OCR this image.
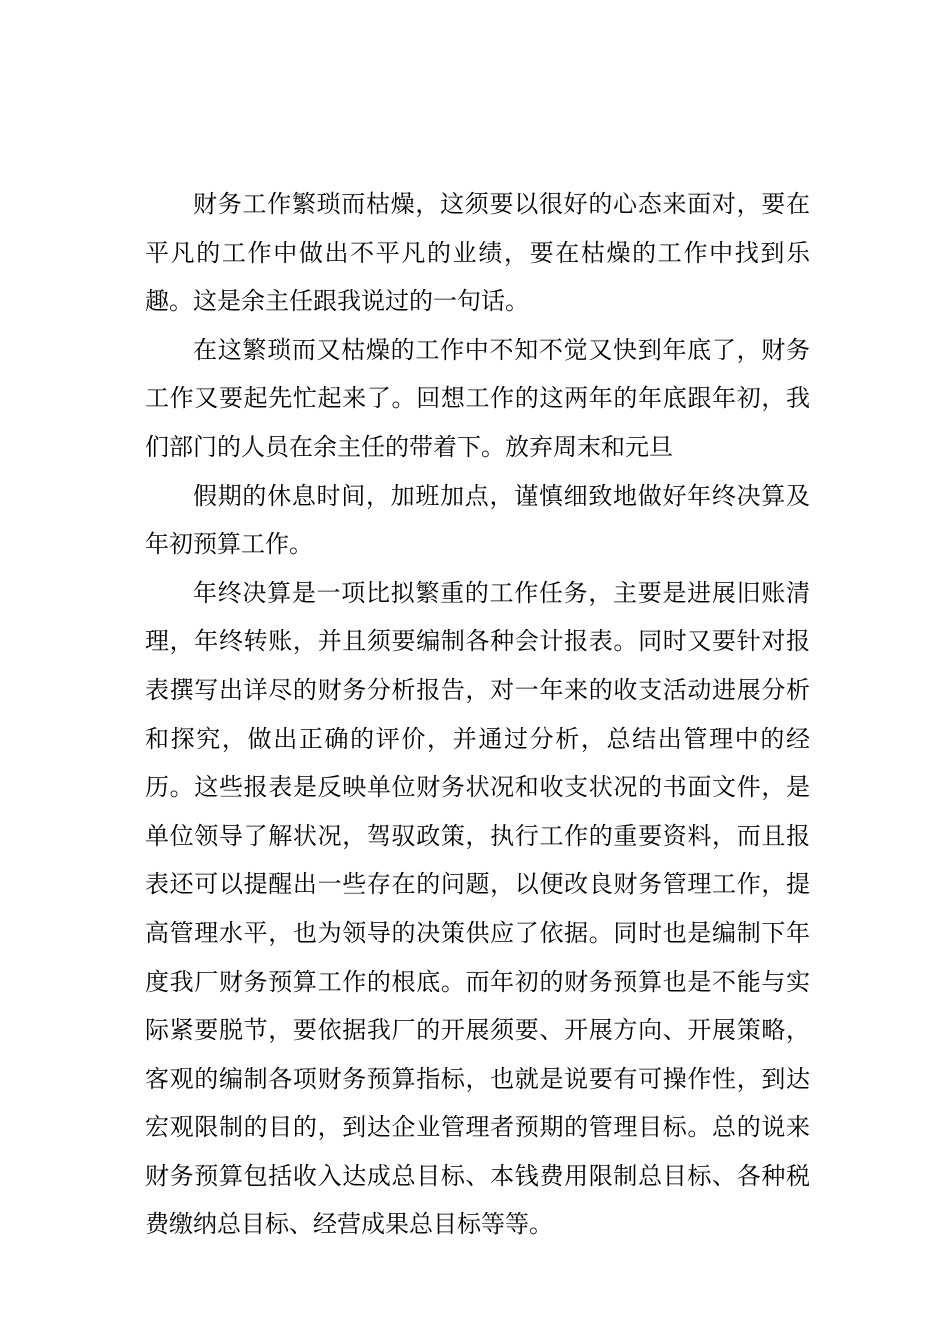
财务工作繁琐而枯燥，这须要以很好的心态来面对，要在平凡的工作中做出不平凡的业绩，要在枯燥的工作中找到乐趣。这是余主任跟我说过的一句话。

在这繁琐而又枯燥的工作中不知不觉又快到年底了，财务工作又要起先忙起来了。回想工作的这两年的年底跟年初，我们部门的人员在余主任的带着下。放弃周末和元旦

假期的休息时间，加班加点，谨慎细致地做好年终决算及年初预算工作。

年终决算是一项比拟繁重的工作任务，主要是进展旧账清理，年终转账，并且须要编制各种会计报表。同时又要针对报表撰写出详尽的财务分析报告，对一年来的收支活动进展分析和探究，做出正确的评价，并通过分析，总结出管理中的经历。这些报表是反映单位财务状况和收支状况的书面文件，是单位领导了解状况，驾驭政策，执行工作的重要资料，而且报表还可以提醒出一些存在的问题，以便改良财务管理工作，提高管理水平，也为领导的决策供应了依据。同时也是编制下年度我厂财务预算工作的根底。而年初的财务预算也是不能与实际紧要脱节，要依据我厂的开展须要、开展方向、开展策略，客观的编制各项财务预算指标，也就是说要有可操作性，到达宏观限制的目的，到达企业管理者预期的管理目标。总的说来财务预算包括收入达成总目标、本钱费用限制总目标、各种税费缴纳总目标、经营成果总目标等等。
